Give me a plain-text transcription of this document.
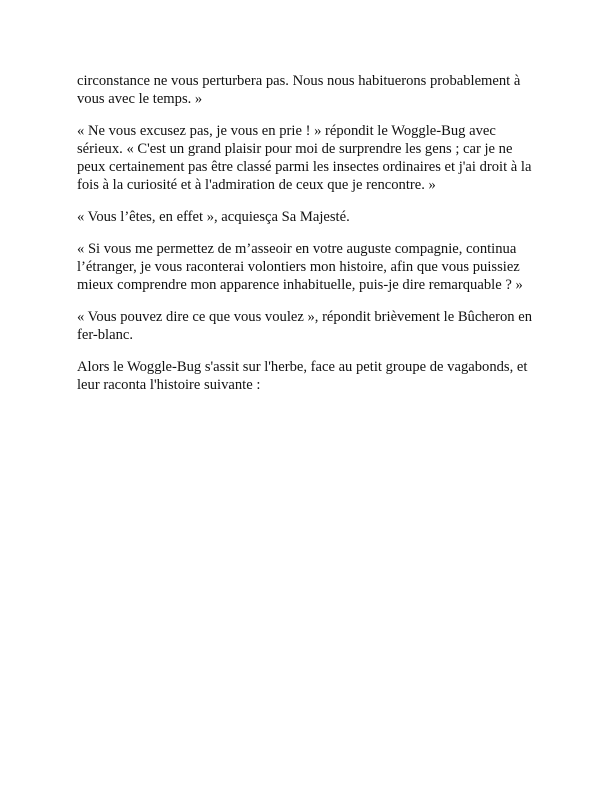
circonstance ne vous perturbera pas. Nous nous habituerons probablement à vous avec le temps. »

« Ne vous excusez pas, je vous en prie ! » répondit le Woggle-Bug avec sérieux. « C'est un grand plaisir pour moi de surprendre les gens ; car je ne peux certainement pas être classé parmi les insectes ordinaires et j'ai droit à la fois à la curiosité et à l'admiration de ceux que je rencontre. »

« Vous l’êtes, en effet », acquiesça Sa Majesté.

« Si vous me permettez de m’asseoir en votre auguste compagnie, continua l’étranger, je vous raconterai volontiers mon histoire, afin que vous puissiez mieux comprendre mon apparence inhabituelle, puis-je dire remarquable ? »

« Vous pouvez dire ce que vous voulez », répondit brièvement le Bûcheron en fer-blanc.

Alors le Woggle-Bug s'assit sur l'herbe, face au petit groupe de vagabonds, et leur raconta l'histoire suivante :
